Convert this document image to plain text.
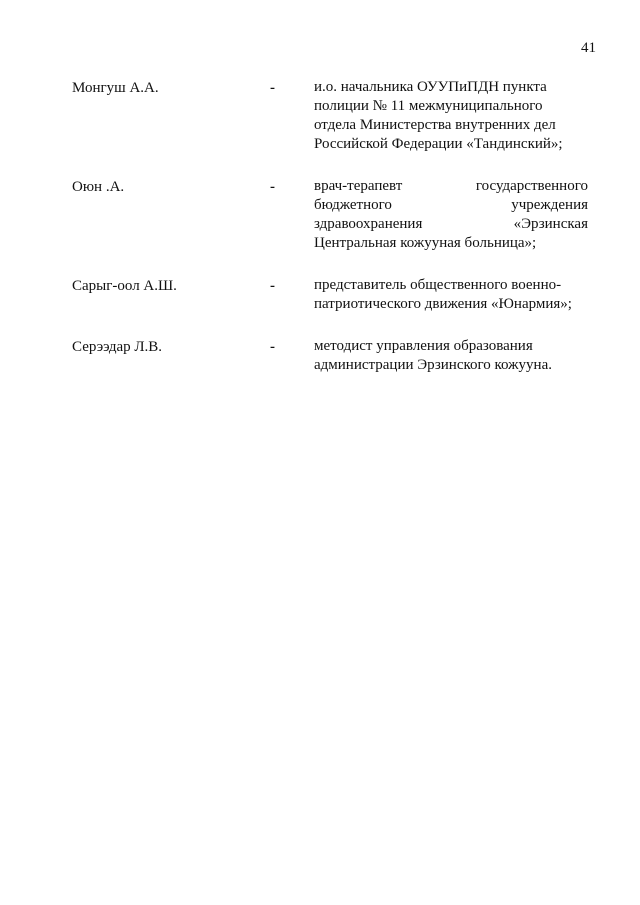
41
Монгуш А.А.	-	и.о. начальника ОУУПиПДН пункта
полиции № 11 межмуниципального
отдела Министерства внутренних дел
Российской Федерации «Тандинский»;
Оюн .А.	-	врач-терапевт государственного
бюджетного учреждения
здравоохранения «Эрзинская
Центральная кожууная больница»;
Сарыг-оол А.Ш.	-	представитель общественного военно-
патриотического движения «Юнармия»;
Серээдар Л.В.	-	методист управления образования
администрации Эрзинского кожууна.
